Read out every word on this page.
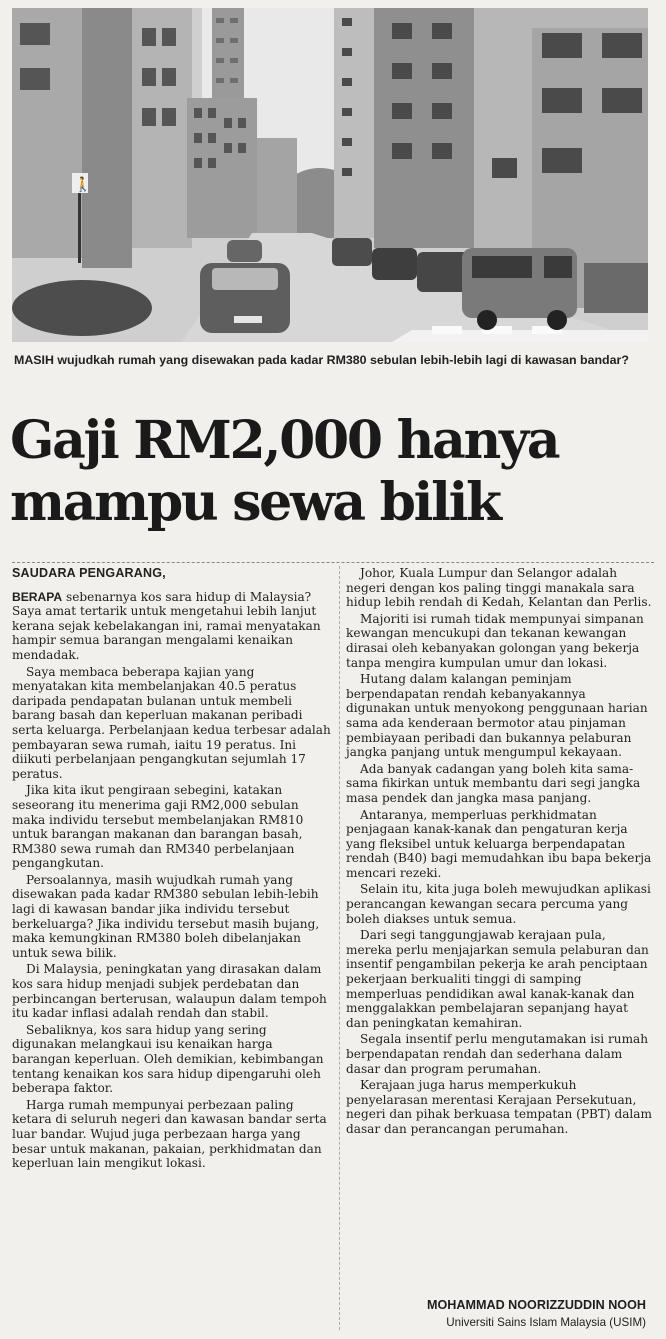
🚶
MASIH wujudkah rumah yang disewakan pada kadar RM380 sebulan lebih-lebih lagi di kawasan bandar?
Gaji RM2,000 hanya
mampu sewa bilik

SAUDARA PENGARANG,

BERAPA sebenarnya kos sara hidup di Malaysia? Saya amat tertarik untuk mengetahui lebih lanjut kerana sejak kebelakangan ini, ramai menyatakan hampir semua barangan mengalami kenaikan mendadak.

Saya membaca beberapa kajian yang menyatakan kita membelanjakan 40.5 peratus daripada pendapatan bulanan untuk membeli barang basah dan keperluan makanan peribadi serta keluarga. Perbelanjaan kedua terbesar adalah pembayaran sewa rumah, iaitu 19 peratus. Ini diikuti perbelanjaan pengangkutan sejumlah 17 peratus.

Jika kita ikut pengiraan sebegini, katakan seseorang itu menerima gaji RM2,000 sebulan maka individu tersebut membelanjakan RM810 untuk barangan makanan dan barangan basah, RM380 sewa rumah dan RM340 perbelanjaan pengangkutan.

Persoalannya, masih wujudkah rumah yang disewakan pada kadar RM380 sebulan lebih-lebih lagi di kawasan bandar jika individu tersebut berkeluarga? Jika individu tersebut masih bujang, maka kemungkinan RM380 boleh dibelanjakan untuk sewa bilik.

Di Malaysia, peningkatan yang dirasakan dalam kos sara hidup menjadi subjek perdebatan dan perbincangan berterusan, walaupun dalam tempoh itu kadar inflasi adalah rendah dan stabil.

Sebaliknya, kos sara hidup yang sering digunakan melangkaui isu kenaikan harga barangan keperluan. Oleh demikian, kebimbangan tentang kenaikan kos sara hidup dipengaruhi oleh beberapa faktor.

Harga rumah mempunyai perbezaan paling ketara di seluruh negeri dan kawasan bandar serta luar bandar. Wujud juga perbezaan harga yang besar untuk makanan, pakaian, perkhidmatan dan keperluan lain mengikut lokasi.

Johor, Kuala Lumpur dan Selangor adalah negeri dengan kos paling tinggi manakala sara hidup lebih rendah di Kedah, Kelantan dan Perlis.

Majoriti isi rumah tidak mempunyai simpanan kewangan mencukupi dan tekanan kewangan dirasai oleh kebanyakan golongan yang bekerja tanpa mengira kumpulan umur dan lokasi.

Hutang dalam kalangan peminjam berpendapatan rendah kebanyakannya digunakan untuk menyokong penggunaan harian sama ada kenderaan bermotor atau pinjaman pembiayaan peribadi dan bukannya pelaburan jangka panjang untuk mengumpul kekayaan.

Ada banyak cadangan yang boleh kita sama-sama fikirkan untuk membantu dari segi jangka masa pendek dan jangka masa panjang.

Antaranya, memperluas perkhidmatan penjagaan kanak-kanak dan pengaturan kerja yang fleksibel untuk keluarga berpendapatan rendah (B40) bagi memudahkan ibu bapa bekerja mencari rezeki.

Selain itu, kita juga boleh mewujudkan aplikasi perancangan kewangan secara percuma yang boleh diakses untuk semua.

Dari segi tanggungjawab kerajaan pula, mereka perlu menjajarkan semula pelaburan dan insentif pengambilan pekerja ke arah penciptaan pekerjaan berkualiti tinggi di samping memperluas pendidikan awal kanak-kanak dan menggalakkan pembelajaran sepanjang hayat dan peningkatan kemahiran.

Segala insentif perlu mengutamakan isi rumah berpendapatan rendah dan sederhana dalam dasar dan program perumahan.

Kerajaan juga harus memperkukuh penyelarasan merentasi Kerajaan Persekutuan, negeri dan pihak berkuasa tempatan (PBT) dalam dasar dan perancangan perumahan.

MOHAMMAD NOORIZZUDDIN NOOH
Universiti Sains Islam Malaysia (USIM)
